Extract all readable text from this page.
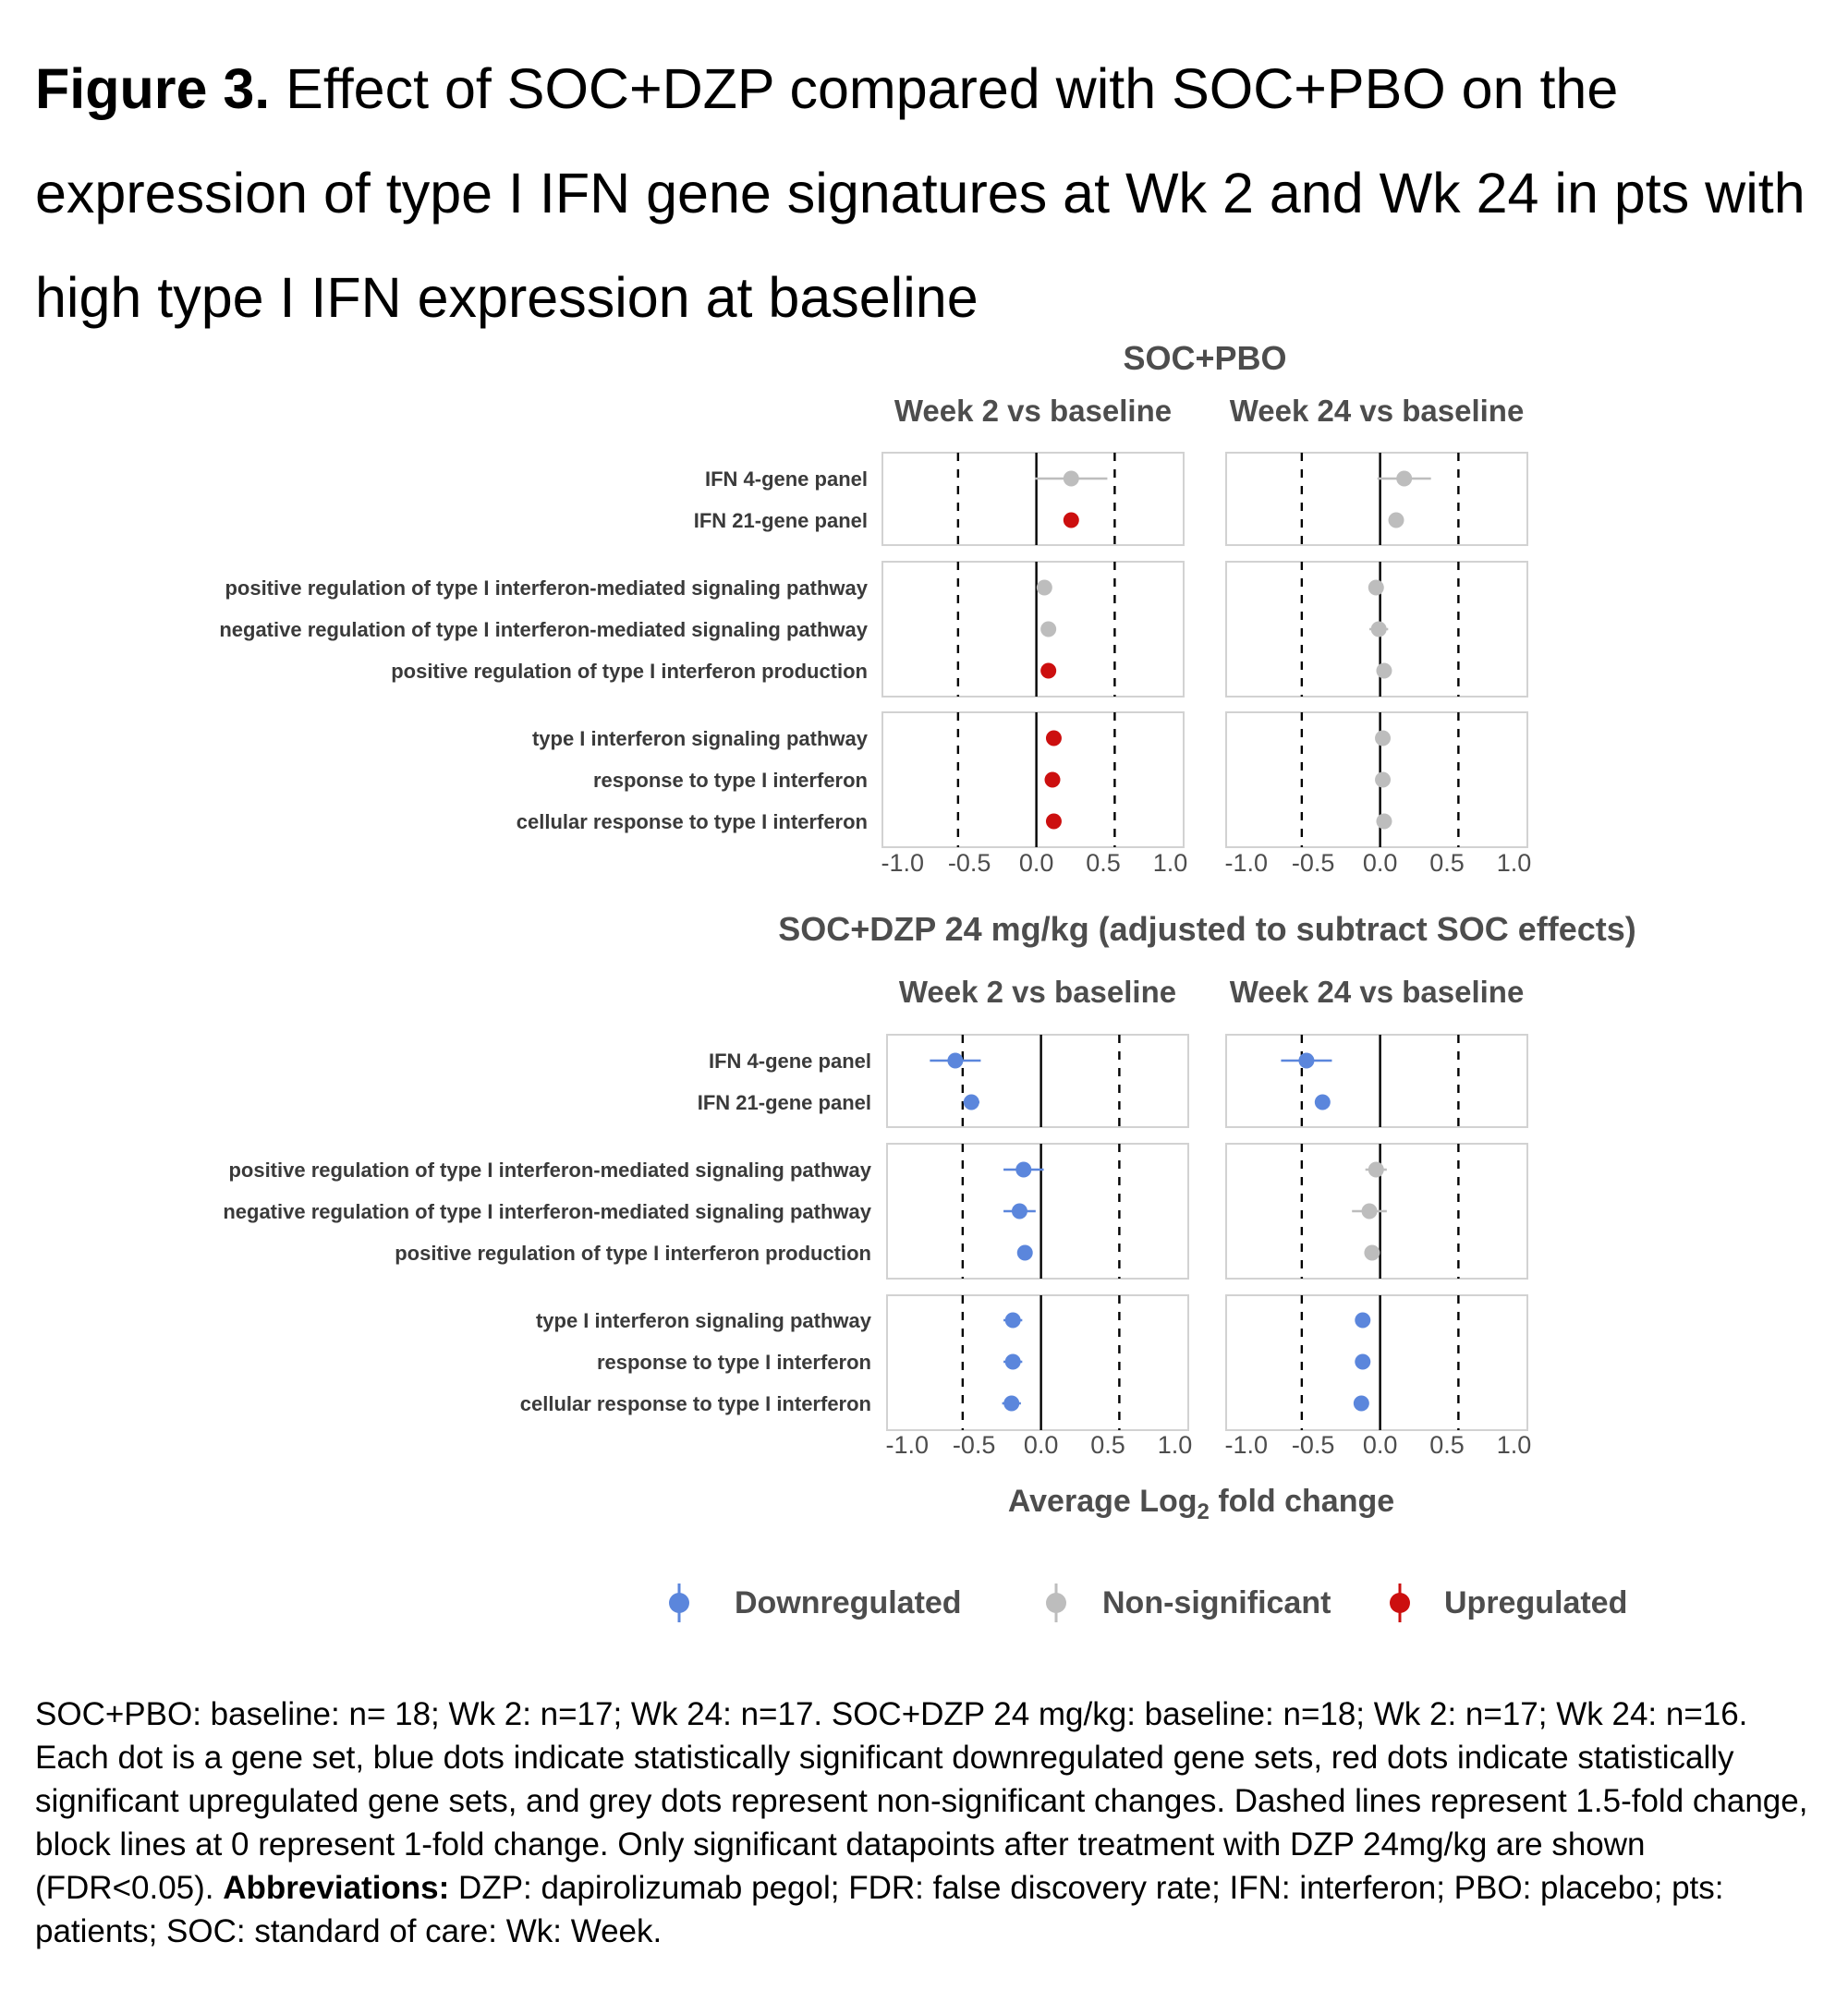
Figure 3. Effect of SOC+DZP compared with SOC+PBO on the expression of type I IFN gene signatures at Wk 2 and Wk 24 in pts with high type I IFN expression at baseline
SOC+PBO
IFN 4-gene panel
IFN 21-gene panel
positive regulation of type I interferon-mediated signaling pathway
negative regulation of type I interferon-mediated signaling pathway
positive regulation of type I interferon production
type I interferon signaling pathway
response to type I interferon
cellular response to type I interferon
Week 2 vs baseline
-1.0 -0.5 0.0 0.5 1.0
Week 24 vs baseline
-1.0 -0.5 0.0 0.5 1.0
SOC+DZP 24 mg/kg (adjusted to subtract SOC effects)
IFN 4-gene panel
IFN 21-gene panel
positive regulation of type I interferon-mediated signaling pathway
negative regulation of type I interferon-mediated signaling pathway
positive regulation of type I interferon production
type I interferon signaling pathway
response to type I interferon
cellular response to type I interferon
Week 2 vs baseline
-1.0 -0.5 0.0 0.5 1.0
Week 24 vs baseline
-1.0 -0.5 0.0 0.5 1.0
Average Log$_2$ fold change
Downregulated	Non-significant	Upregulated

SOC+PBO: baseline: n= 18; Wk 2: n=17; Wk 24: n=17. SOC+DZP 24 mg/kg: baseline: n=18; Wk 2: n=17; Wk 24: n=16. Each dot is a gene set, blue dots indicate statistically significant downregulated gene sets, red dots indicate statistically significant upregulated gene sets, and grey dots represent non-significant changes. Dashed lines represent 1.5-fold change, block lines at 0 represent 1-fold change. Only significant datapoints after treatment with DZP 24mg/kg are shown (FDR<0.05). Abbreviations: DZP: dapirolizumab pegol; FDR: false discovery rate; IFN: interferon; PBO: placebo; pts: patients; SOC: standard of care: Wk: Week.
